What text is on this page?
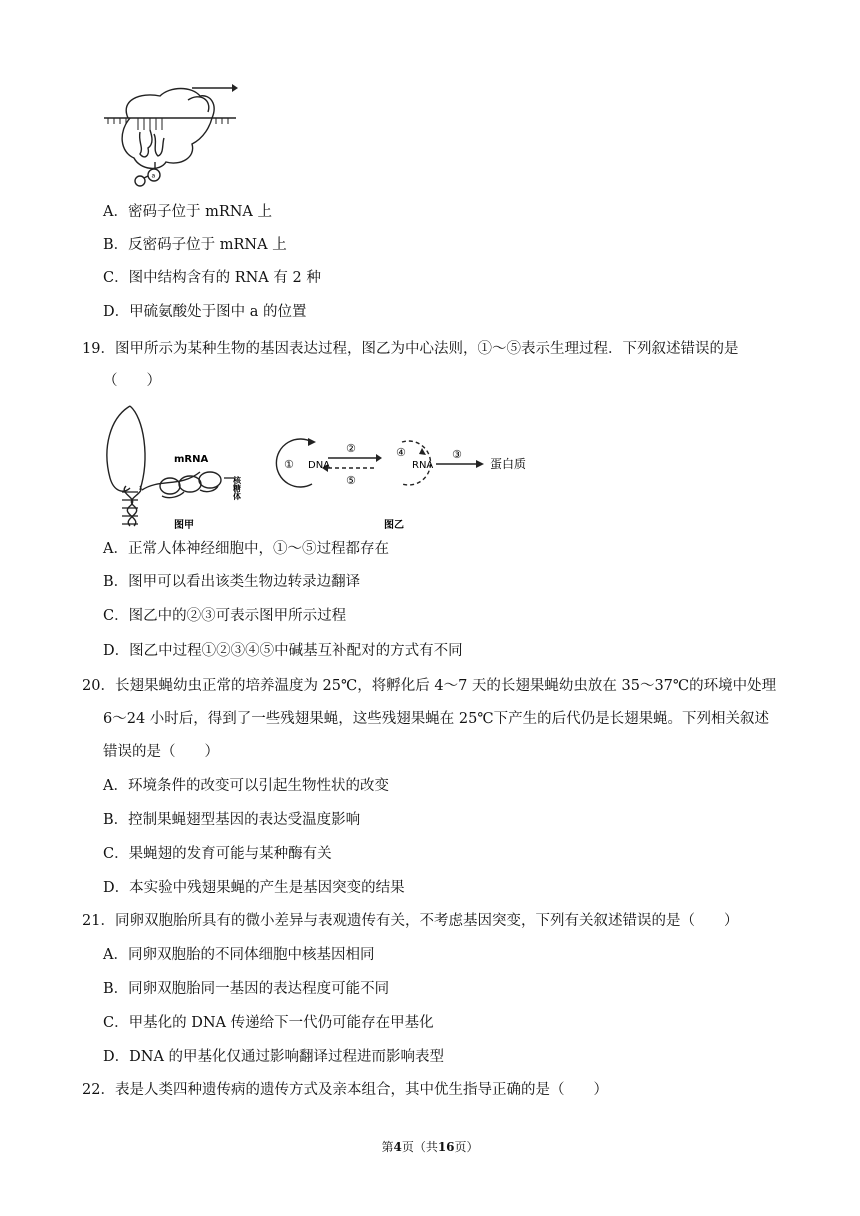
a
A．密码子位于 mRNA 上
B．反密码子位于 mRNA 上
C．图中结构含有的 RNA 有 2 种
D．甲硫氨酸处于图中 a 的位置
19．图甲所示为某种生物的基因表达过程，图乙为中心法则，①～⑤表示生理过程．下列叙述错误的是
（　　）
mRNA
核糖体
图甲
① DNA
②
⑤
④
RNA
③
蛋白质
图乙
A．正常人体神经细胞中，①～⑤过程都存在
B．图甲可以看出该类生物边转录边翻译
C．图乙中的②③可表示图甲所示过程
D．图乙中过程①②③④⑤中碱基互补配对的方式有不同
20．长翅果蝇幼虫正常的培养温度为 25℃，将孵化后 4～7 天的长翅果蝇幼虫放在 35～37℃的环境中处理
6～24 小时后，得到了一些残翅果蝇，这些残翅果蝇在 25℃下产生的后代仍是长翅果蝇。下列相关叙述
错误的是（　　）
A．环境条件的改变可以引起生物性状的改变
B．控制果蝇翅型基因的表达受温度影响
C．果蝇翅的发育可能与某种酶有关
D．本实验中残翅果蝇的产生是基因突变的结果
21．同卵双胞胎所具有的微小差异与表观遗传有关，不考虑基因突变，下列有关叙述错误的是（　　）
A．同卵双胞胎的不同体细胞中核基因相同
B．同卵双胞胎同一基因的表达程度可能不同
C．甲基化的 DNA 传递给下一代仍可能存在甲基化
D．DNA 的甲基化仅通过影响翻译过程进而影响表型
22．表是人类四种遗传病的遗传方式及亲本组合，其中优生指导正确的是（　　）
第4页（共16页）
